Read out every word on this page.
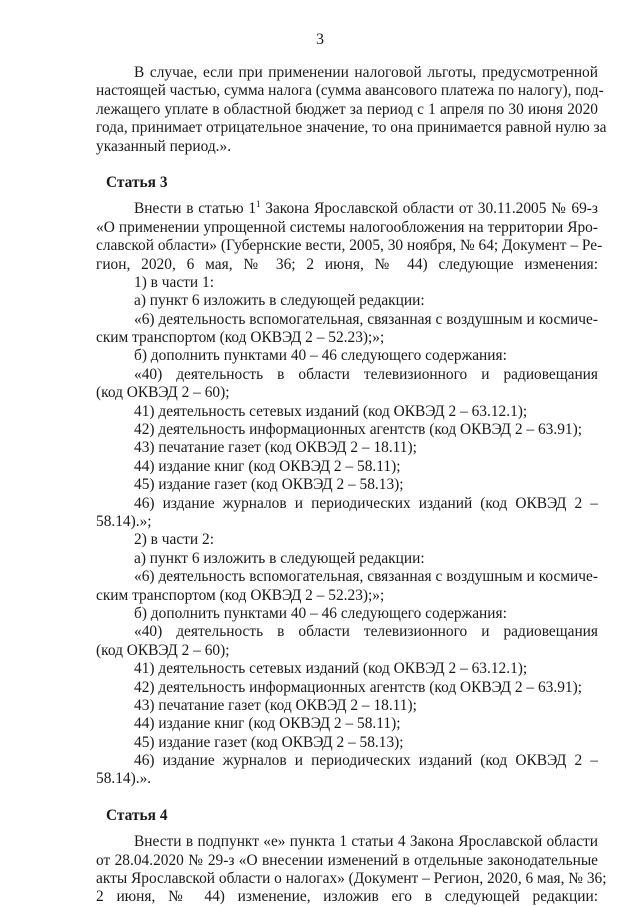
3
В случае, если при применении налоговой льготы, предусмотренной
настоящей частью, сумма налога (сумма авансового платежа по налогу), под-
лежащего уплате в областной бюджет за период с 1 апреля по 30 июня 2020
года, принимает отрицательное значение, то она принимается равной нулю за
указанный период.».
Статья 3
Внести в статью $1^1$ Закона Ярославской области от 30.11.2005 № 69-з
«О применении упрощенной системы налогообложения на территории Яро-
славской области» (Губернские вести, 2005, 30 ноября, № 64; Документ – Ре-
гион, 2020, 6 мая, № 36; 2 июня, № 44) следующие изменения:
1) в части 1:
а) пункт 6 изложить в следующей редакции:
«6) деятельность вспомогательная, связанная с воздушным и космиче-
ским транспортом (код ОКВЭД 2 – 52.23);»;
б) дополнить пунктами 40 – 46 следующего содержания:
«40) деятельность в области телевизионного и радиовещания
(код ОКВЭД 2 – 60);
41) деятельность сетевых изданий (код ОКВЭД 2 – 63.12.1);
42) деятельность информационных агентств (код ОКВЭД 2 – 63.91);
43) печатание газет (код ОКВЭД 2 – 18.11);
44) издание книг (код ОКВЭД 2 – 58.11);
45) издание газет (код ОКВЭД 2 – 58.13);
46) издание журналов и периодических изданий (код ОКВЭД 2 –
58.14).»;
2) в части 2:
а) пункт 6 изложить в следующей редакции:
«6) деятельность вспомогательная, связанная с воздушным и космиче-
ским транспортом (код ОКВЭД 2 – 52.23);»;
б) дополнить пунктами 40 – 46 следующего содержания:
«40) деятельность в области телевизионного и радиовещания
(код ОКВЭД 2 – 60);
41) деятельность сетевых изданий (код ОКВЭД 2 – 63.12.1);
42) деятельность информационных агентств (код ОКВЭД 2 – 63.91);
43) печатание газет (код ОКВЭД 2 – 18.11);
44) издание книг (код ОКВЭД 2 – 58.11);
45) издание газет (код ОКВЭД 2 – 58.13);
46) издание журналов и периодических изданий (код ОКВЭД 2 –
58.14).».
Статья 4
Внести в подпункт «е» пункта 1 статьи 4 Закона Ярославской области
от 28.04.2020 № 29-з «О внесении изменений в отдельные законодательные
акты Ярославской области о налогах» (Документ – Регион, 2020, 6 мая, № 36;
2 июня, № 44) изменение, изложив его в следующей редакции:
